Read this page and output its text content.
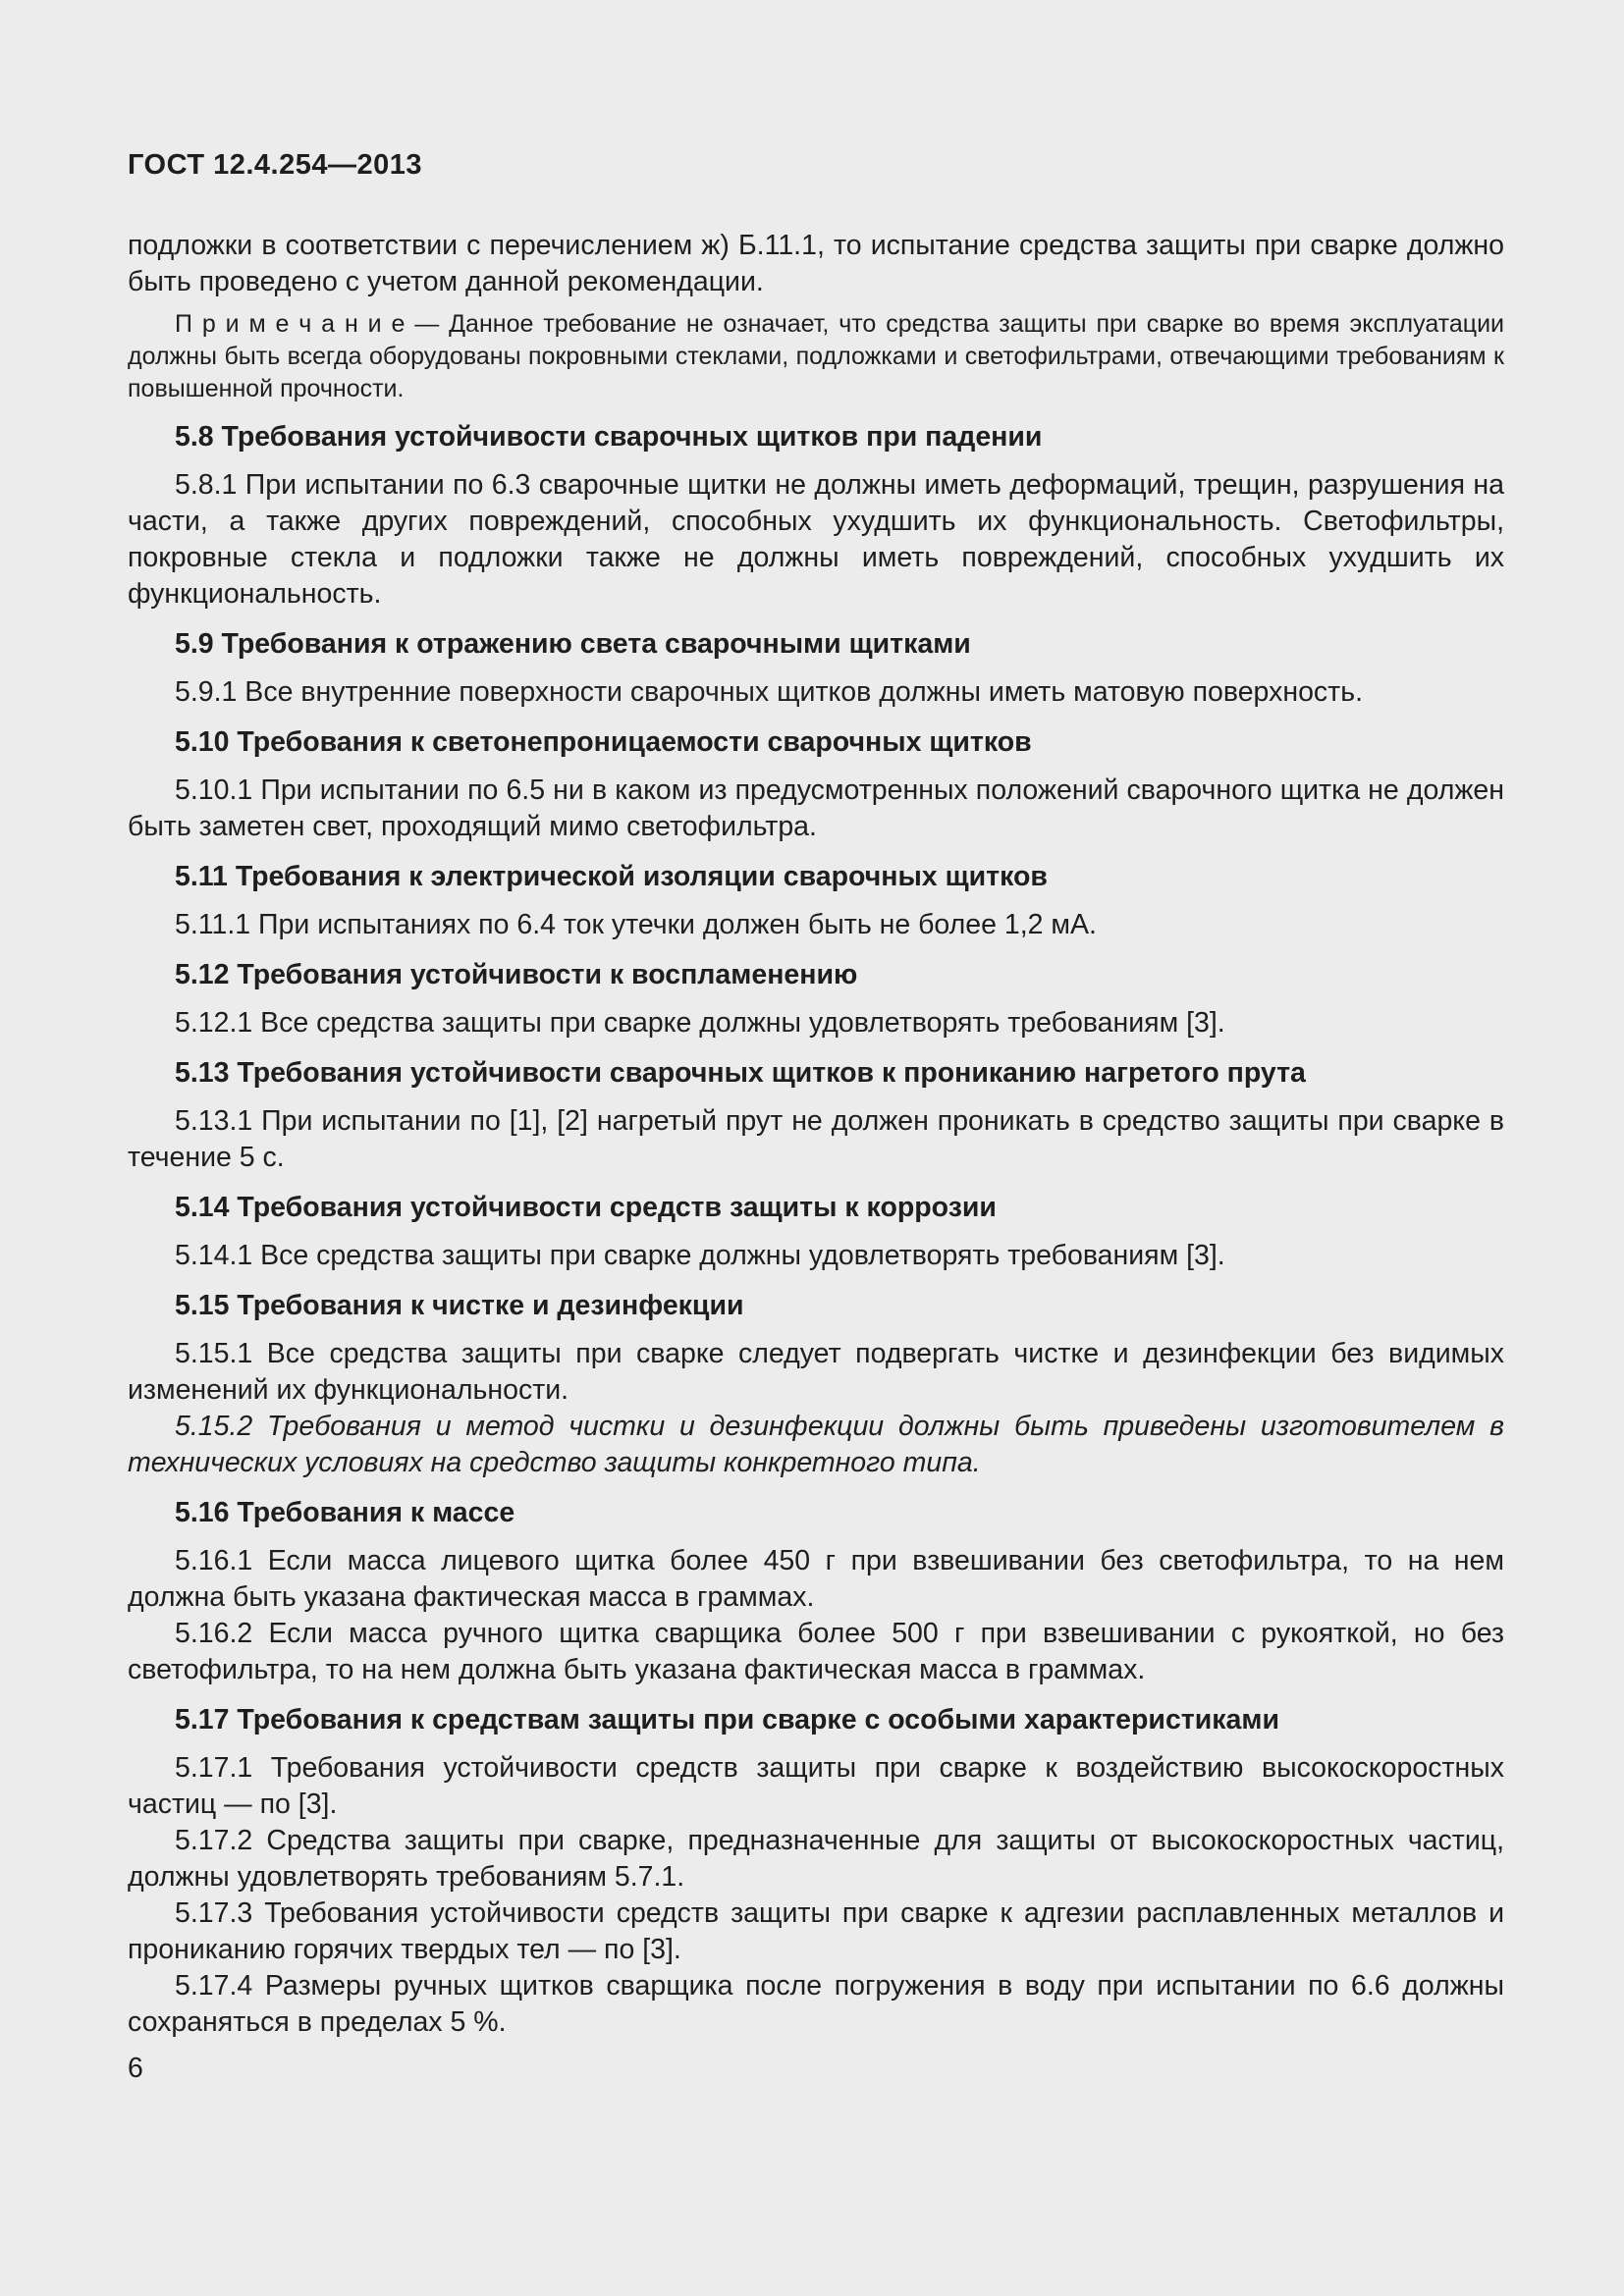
ГОСТ 12.4.254—2013

подложки в соответствии с перечислением ж) Б.11.1, то испытание средства защиты при сварке должно быть проведено с учетом данной рекомендации.

П р и м е ч а н и е — Данное требование не означает, что средства защиты при сварке во время эксплуатации должны быть всегда оборудованы покровными стеклами, подложками и светофильтрами, отвечающими требованиям к повышенной прочности.

5.8 Требования устойчивости сварочных щитков при падении

5.8.1 При испытании по 6.3 сварочные щитки не должны иметь деформаций, трещин, разрушения на части, а также других повреждений, способных ухудшить их функциональность. Светофильтры, покровные стекла и подложки также не должны иметь повреждений, способных ухудшить их функциональность.

5.9 Требования к отражению света сварочными щитками

5.9.1 Все внутренние поверхности сварочных щитков должны иметь матовую поверхность.

5.10 Требования к светонепроницаемости сварочных щитков

5.10.1 При испытании по 6.5 ни в каком из предусмотренных положений сварочного щитка не должен быть заметен свет, проходящий мимо светофильтра.

5.11 Требования к электрической изоляции сварочных щитков

5.11.1 При испытаниях по 6.4 ток утечки должен быть не более 1,2 мА.

5.12 Требования устойчивости к воспламенению

5.12.1 Все средства защиты при сварке должны удовлетворять требованиям [3].

5.13 Требования устойчивости сварочных щитков к прониканию нагретого прута

5.13.1 При испытании по [1], [2] нагретый прут не должен проникать в средство защиты при сварке в течение 5 с.

5.14 Требования устойчивости средств защиты к коррозии

5.14.1 Все средства защиты при сварке должны удовлетворять требованиям [3].

5.15 Требования к чистке и дезинфекции

5.15.1 Все средства защиты при сварке следует подвергать чистке и дезинфекции без видимых изменений их функциональности.

5.15.2 Требования и метод чистки и дезинфекции должны быть приведены изготовителем в технических условиях на средство защиты конкретного типа.

5.16 Требования к массе

5.16.1 Если масса лицевого щитка более 450 г при взвешивании без светофильтра, то на нем должна быть указана фактическая масса в граммах.

5.16.2 Если масса ручного щитка сварщика более 500 г при взвешивании с рукояткой, но без светофильтра, то на нем должна быть указана фактическая масса в граммах.

5.17 Требования к средствам защиты при сварке с особыми характеристиками

5.17.1 Требования устойчивости средств защиты при сварке к воздействию высокоскоростных частиц — по [3].

5.17.2 Средства защиты при сварке, предназначенные для защиты от высокоскоростных частиц, должны удовлетворять требованиям 5.7.1.

5.17.3 Требования устойчивости средств защиты при сварке к адгезии расплавленных металлов и прониканию горячих твердых тел — по [3].

5.17.4 Размеры ручных щитков сварщика после погружения в воду при испытании по 6.6 должны сохраняться в пределах 5 %.

6
